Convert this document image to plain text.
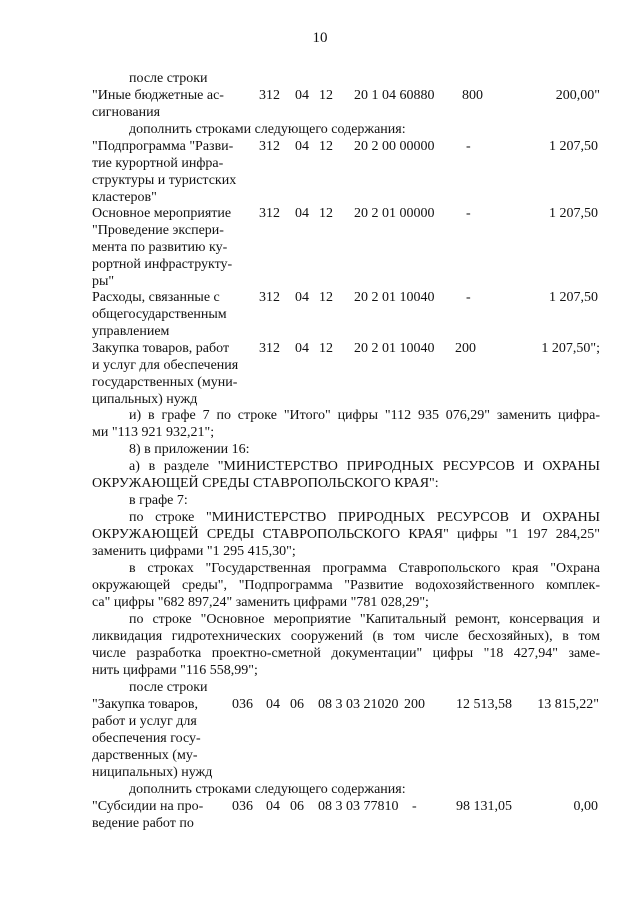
10
после строки
"Иные бюджетные ас-
сигнования
312 04 12 20 1 04 60880 800	200,00"
дополнить строками следующего содержания:
"Подпрограмма "Разви-
тие курортной инфра-
структуры и туристских
кластеров"
312 04 12 20 2 00 00000 -	1 207,50
Основное мероприятие
"Проведение экспери-
мента по развитию ку-
рортной инфраструкту-
ры"
312 04 12 20 2 01 00000 -	1 207,50
Расходы, связанные с
общегосударственным
управлением
312 04 12 20 2 01 10040 -	1 207,50
Закупка товаров, работ
и услуг для обеспечения
государственных (муни-
ципальных) нужд
312 04 12 20 2 01 10040 200	1 207,50";
и) в графе 7 по строке "Итого" цифры "112 935 076,29" заменить цифра-
ми "113 921 932,21";
8) в приложении 16:
а) в разделе "МИНИСТЕРСТВО ПРИРОДНЫХ РЕСУРСОВ И ОХРАНЫ
ОКРУЖАЮЩЕЙ СРЕДЫ СТАВРОПОЛЬСКОГО КРАЯ":
в графе 7:
по строке "МИНИСТЕРСТВО ПРИРОДНЫХ РЕСУРСОВ И ОХРАНЫ
ОКРУЖАЮЩЕЙ СРЕДЫ СТАВРОПОЛЬСКОГО КРАЯ" цифры "1 197 284,25"
заменить цифрами "1 295 415,30";
в строках "Государственная программа Ставропольского края "Охрана
окружающей среды", "Подпрограмма "Развитие водохозяйственного комплек-
са" цифры "682 897,24" заменить цифрами "781 028,29";
по строке "Основное мероприятие "Капитальный ремонт, консервация и
ликвидация гидротехнических сооружений (в том числе бесхозяйных), в том
числе разработка проектно-сметной документации" цифры "18 427,94" заме-
нить цифрами "116 558,99";
после строки
"Закупка товаров,
работ и услуг для
обеспечения госу-
дарственных (му-
ниципальных) нужд
036 04 06 08 3 03 21020 200	12 513,58	13 815,22"
дополнить строками следующего содержания:
"Субсидии на про-
ведение работ по
036 04 06 08 3 03 77810 -	98 131,05	0,00
